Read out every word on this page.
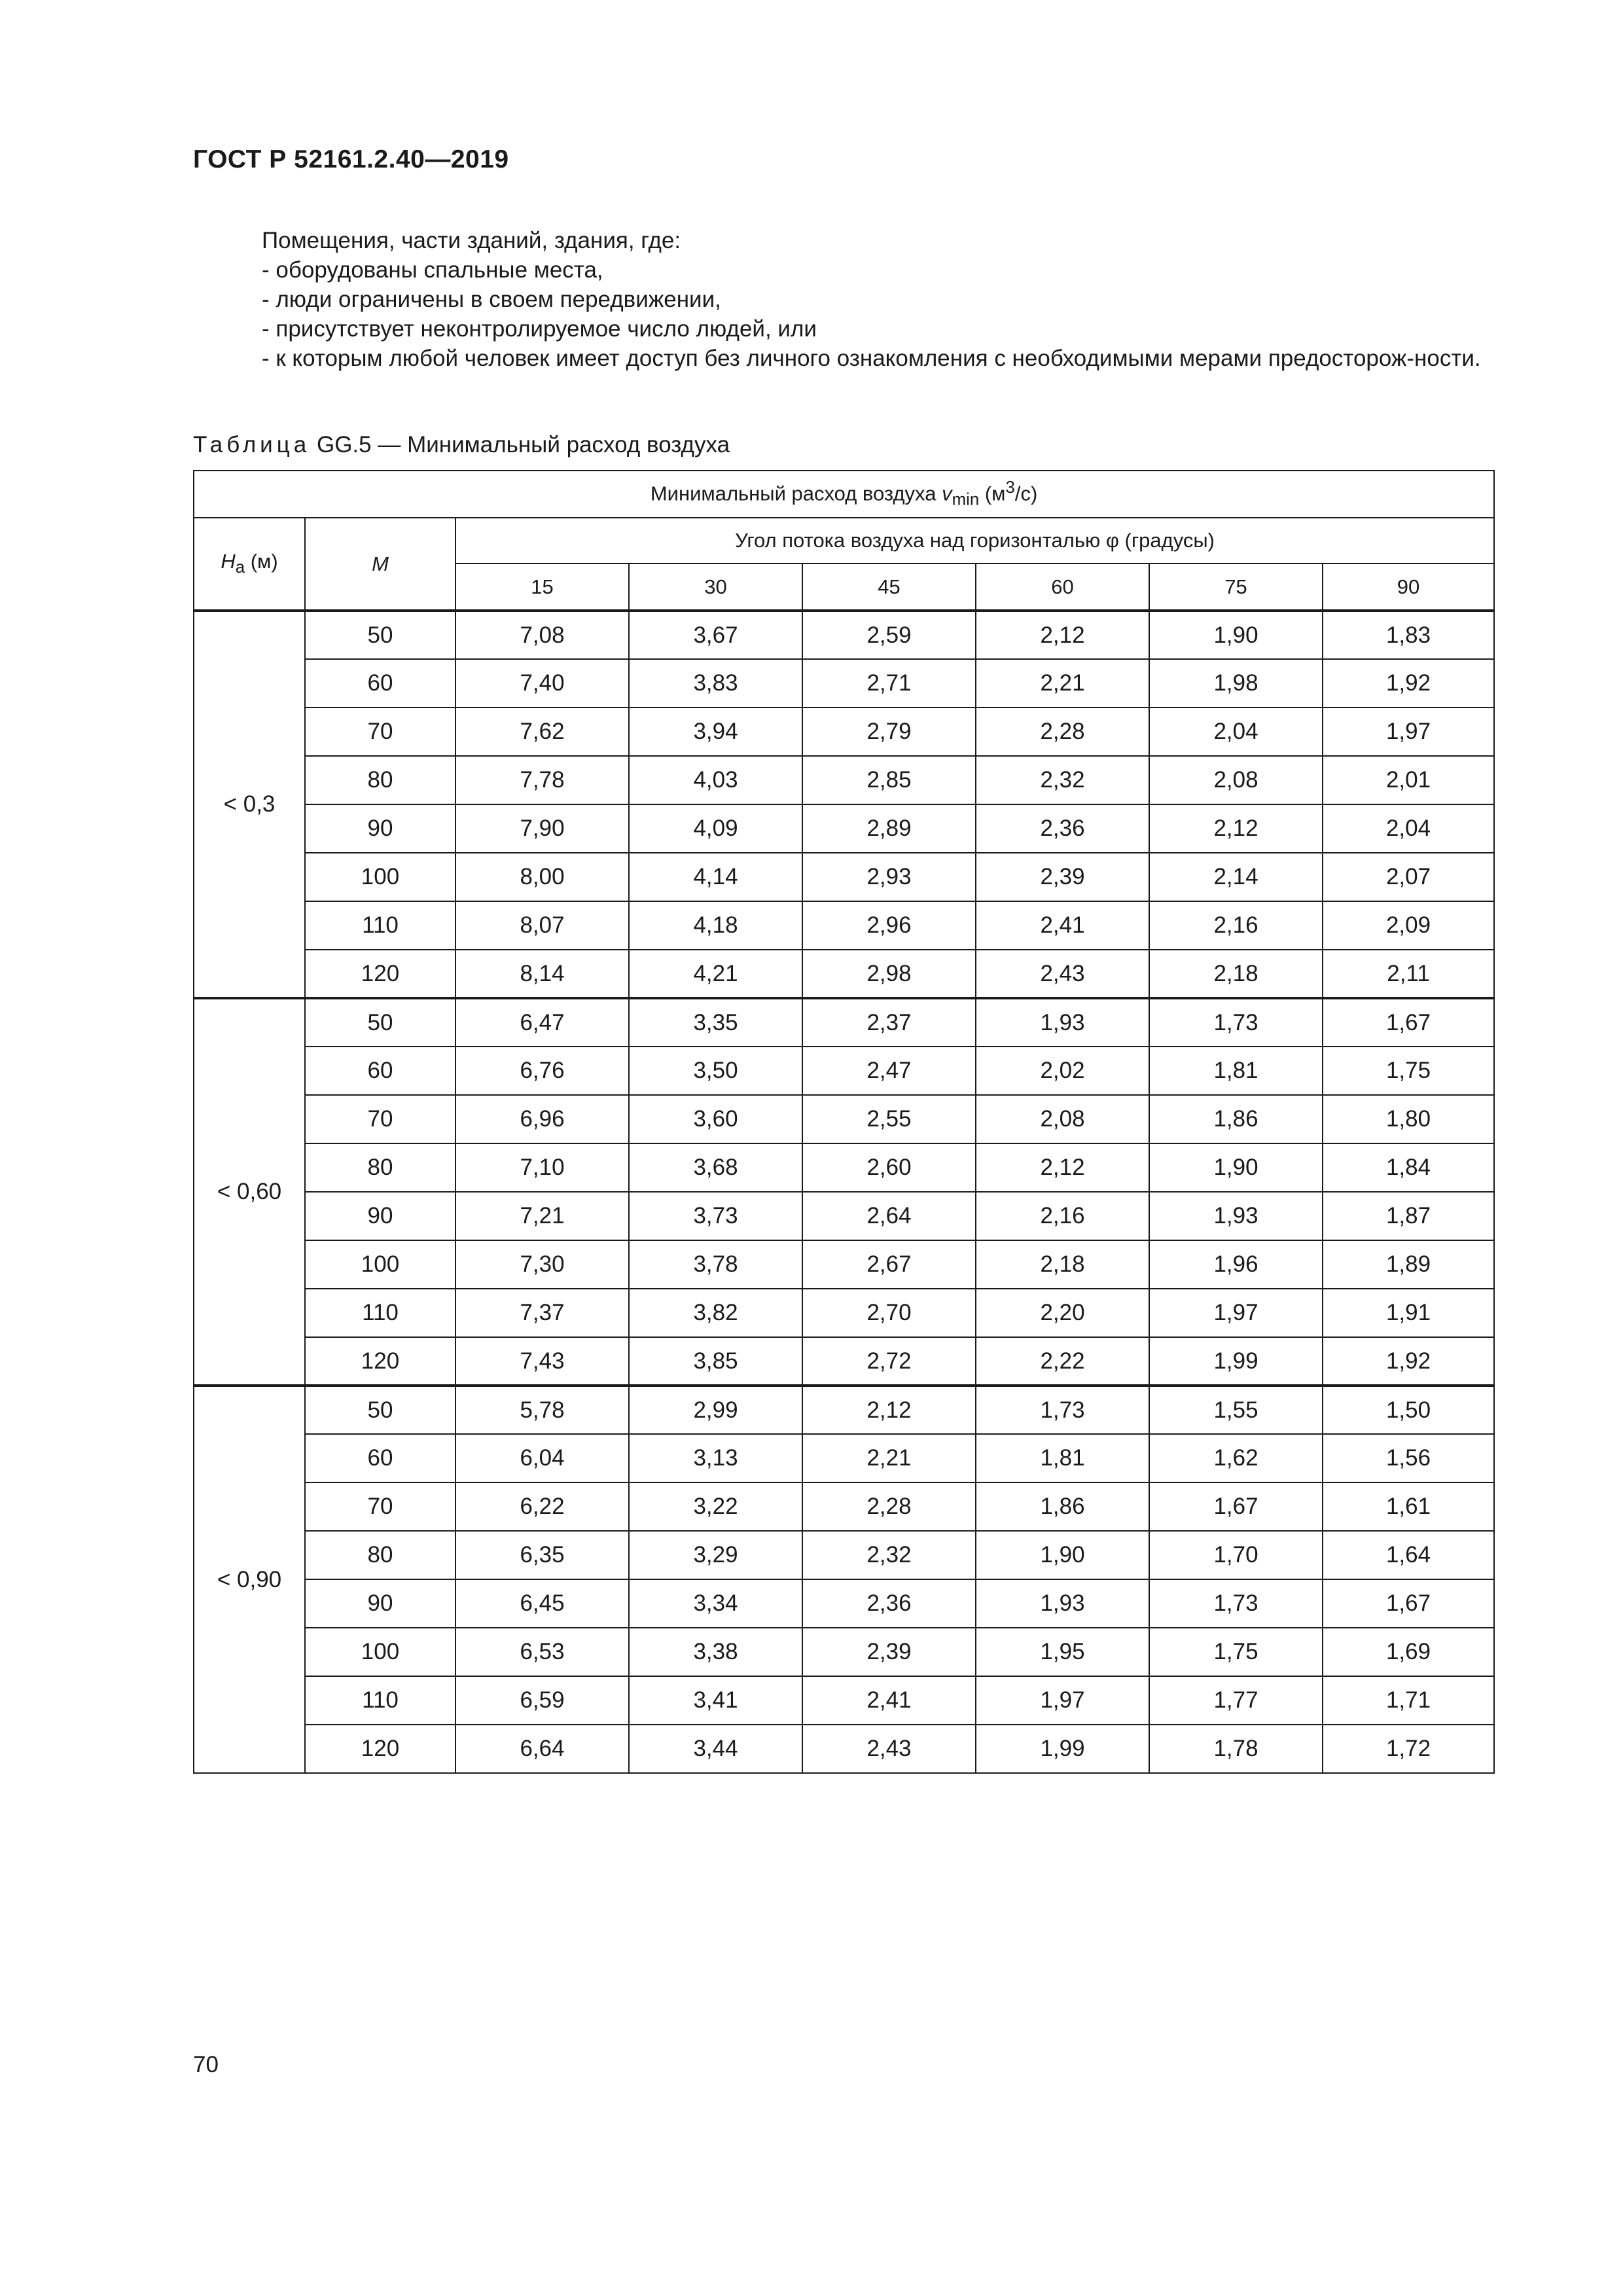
ГОСТ Р 52161.2.40—2019

Помещения, части зданий, здания, где:

- оборудованы спальные места,

- люди ограничены в своем передвижении,

- присутствует неконтролируемое число людей, или

- к которым любой человек имеет доступ без личного ознакомления с необходимыми мерами предосторож-ности.

Таблица GG.5 — Минимальный расход воздуха
Минимальный расход воздуха $v_{min}$ $(м^3/с)$							
$H_a$ (м)	M	Угол потока воздуха над горизонталью φ (градусы)					
		15	30	45	60	75	90
< 0,3	50	7,08	3,67	2,59	2,12	1,90	1,83
	60	7,40	3,83	2,71	2,21	1,98	1,92
	70	7,62	3,94	2,79	2,28	2,04	1,97
	80	7,78	4,03	2,85	2,32	2,08	2,01
	90	7,90	4,09	2,89	2,36	2,12	2,04
	100	8,00	4,14	2,93	2,39	2,14	2,07
	110	8,07	4,18	2,96	2,41	2,16	2,09
	120	8,14	4,21	2,98	2,43	2,18	2,11
< 0,60	50	6,47	3,35	2,37	1,93	1,73	1,67
	60	6,76	3,50	2,47	2,02	1,81	1,75
	70	6,96	3,60	2,55	2,08	1,86	1,80
	80	7,10	3,68	2,60	2,12	1,90	1,84
	90	7,21	3,73	2,64	2,16	1,93	1,87
	100	7,30	3,78	2,67	2,18	1,96	1,89
	110	7,37	3,82	2,70	2,20	1,97	1,91
	120	7,43	3,85	2,72	2,22	1,99	1,92
< 0,90	50	5,78	2,99	2,12	1,73	1,55	1,50
	60	6,04	3,13	2,21	1,81	1,62	1,56
	70	6,22	3,22	2,28	1,86	1,67	1,61
	80	6,35	3,29	2,32	1,90	1,70	1,64
	90	6,45	3,34	2,36	1,93	1,73	1,67
	100	6,53	3,38	2,39	1,95	1,75	1,69
	110	6,59	3,41	2,41	1,97	1,77	1,71
	120	6,64	3,44	2,43	1,99	1,78	1,72
70
